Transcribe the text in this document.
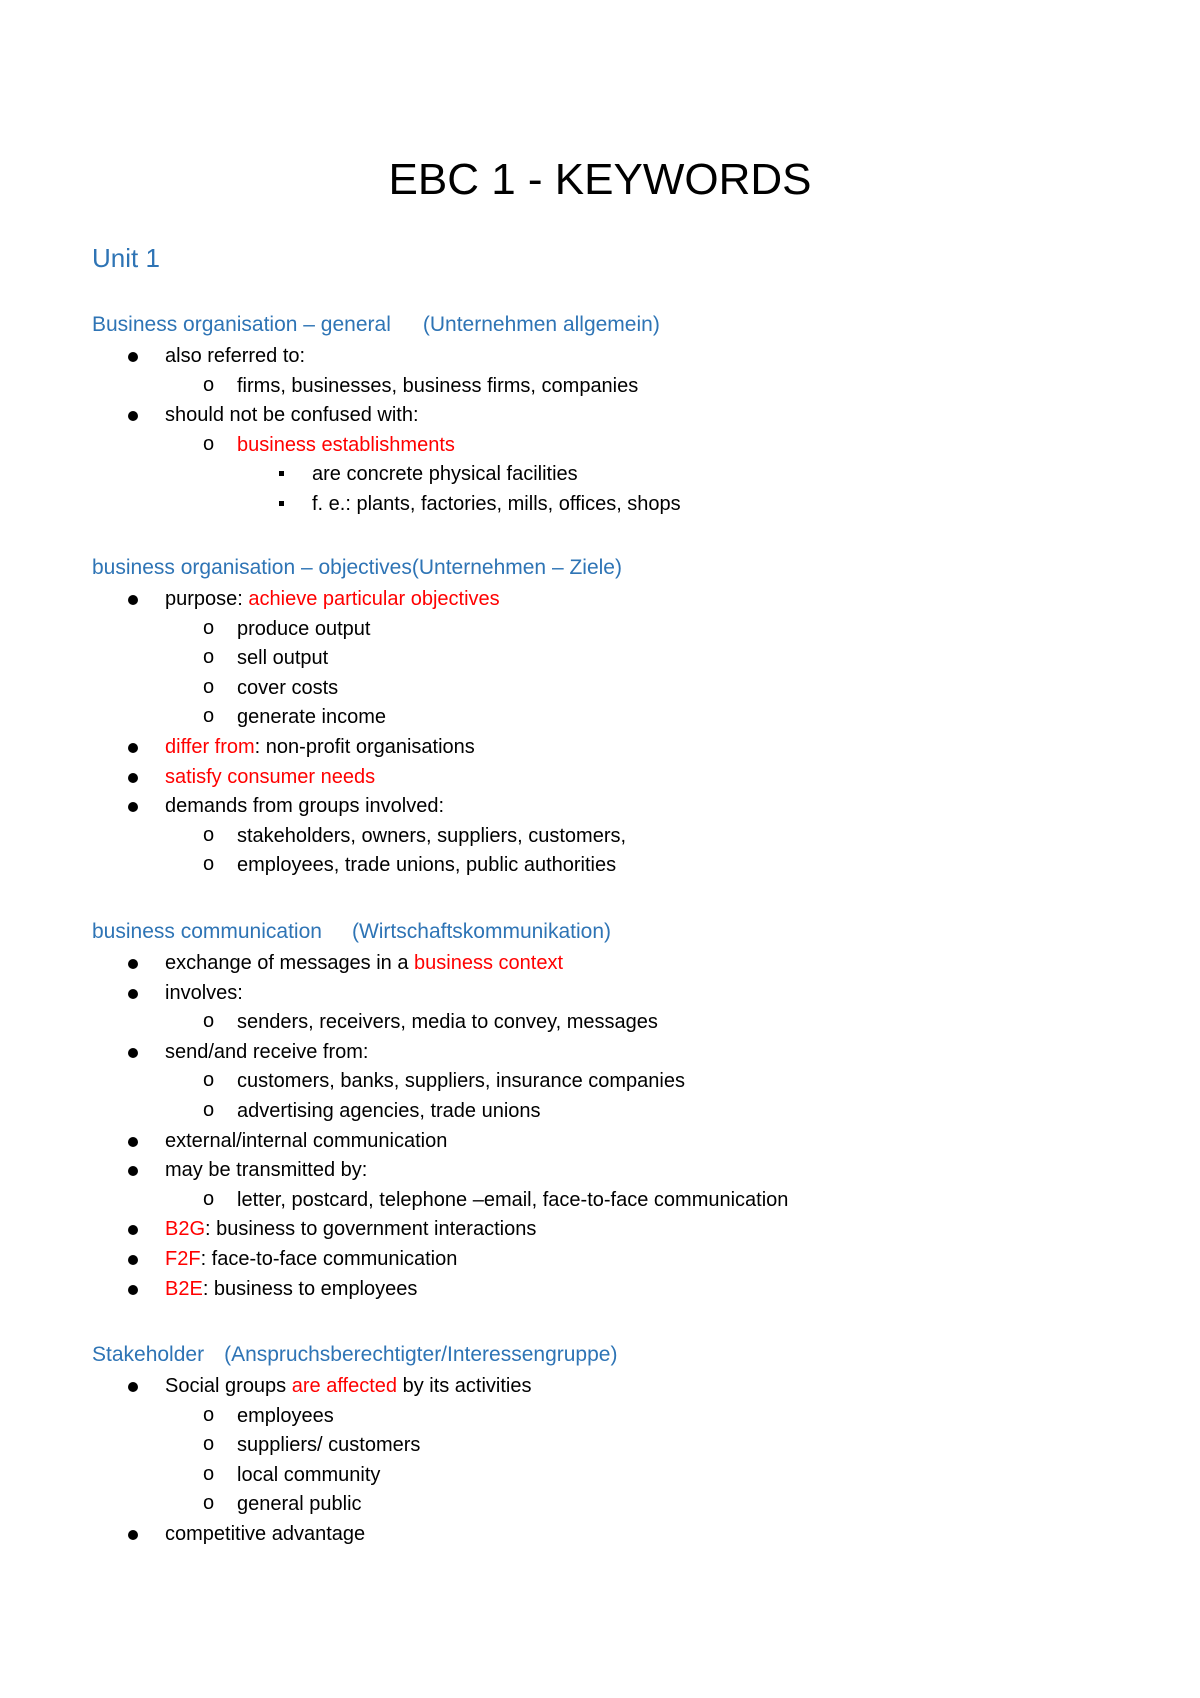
EBC 1 - KEYWORDS
Unit 1
Business organisation – general (Unternehmen allgemein)
also referred to:
o firms, businesses, business firms, companies
should not be confused with:
o business establishments
are concrete physical facilities
f. e.: plants, factories, mills, offices, shops
business organisation – objectives(Unternehmen – Ziele)
purpose: achieve particular objectives
o produce output
o sell output
o cover costs
o generate income
differ from: non-profit organisations
satisfy consumer needs
demands from groups involved:
o stakeholders, owners, suppliers, customers,
o employees, trade unions, public authorities
business communication (Wirtschaftskommunikation)
exchange of messages in a business context
involves:
o senders, receivers, media to convey, messages
send/and receive from:
o customers, banks, suppliers, insurance companies
o advertising agencies, trade unions
external/internal communication
may be transmitted by:
o letter, postcard, telephone –email, face-to-face communication
B2G: business to government interactions
F2F: face-to-face communication
B2E: business to employees
Stakeholder (Anspruchsberechtigter/Interessengruppe)
Social groups are affected by its activities
o employees
o suppliers/ customers
o local community
o general public
competitive advantage
